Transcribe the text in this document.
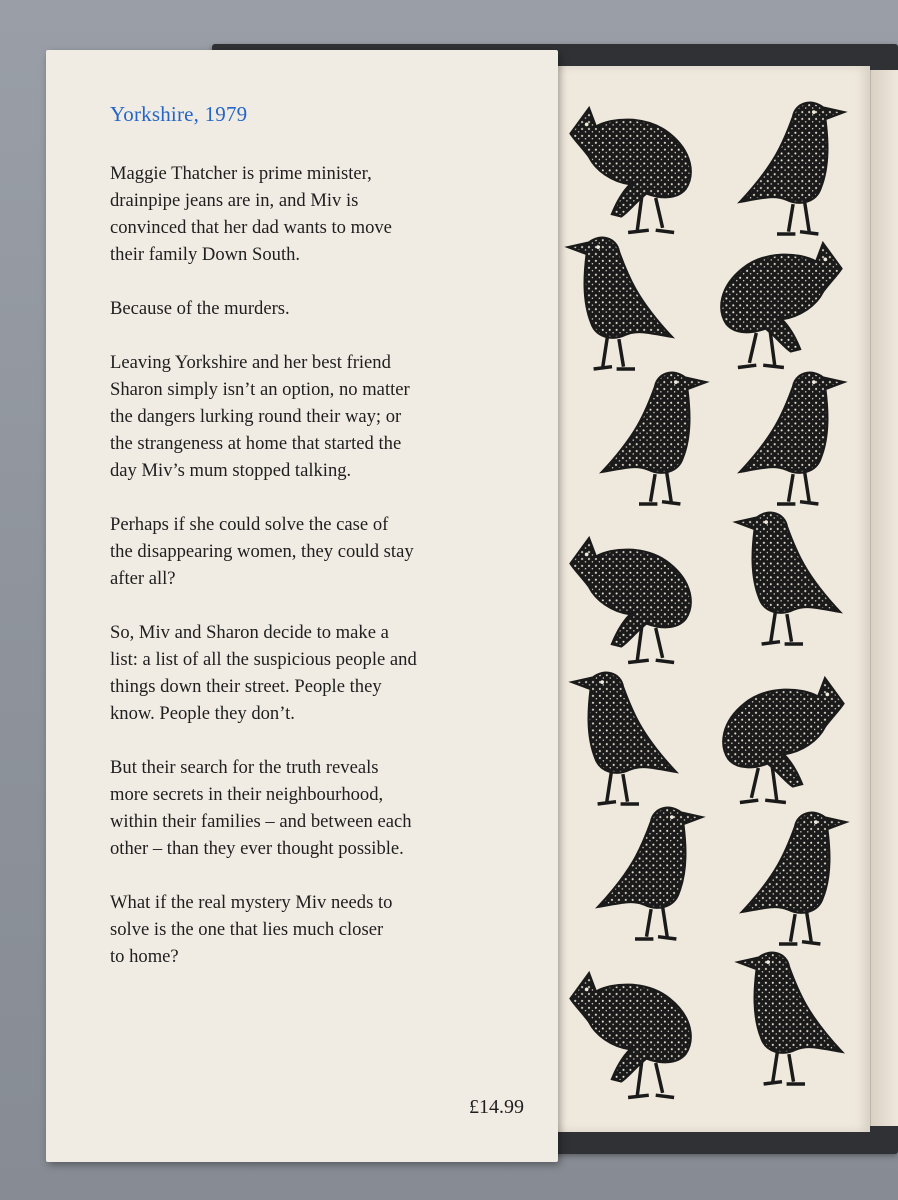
Yorkshire, 1979

Maggie Thatcher is prime minister,
drainpipe jeans are in, and Miv is
convinced that her dad wants to move
their family Down South.

Because of the murders.

Leaving Yorkshire and her best friend
Sharon simply isn’t an option, no matter
the dangers lurking round their way; or
the strangeness at home that started the
day Miv’s mum stopped talking.

Perhaps if she could solve the case of
the disappearing women, they could stay
after all?

So, Miv and Sharon decide to make a
list: a list of all the suspicious people and
things down their street. People they
know. People they don’t.

But their search for the truth reveals
more secrets in their neighbourhood,
within their families – and between each
other – than they ever thought possible.

What if the real mystery Miv needs to
solve is the one that lies much closer
to home?

£14.99
